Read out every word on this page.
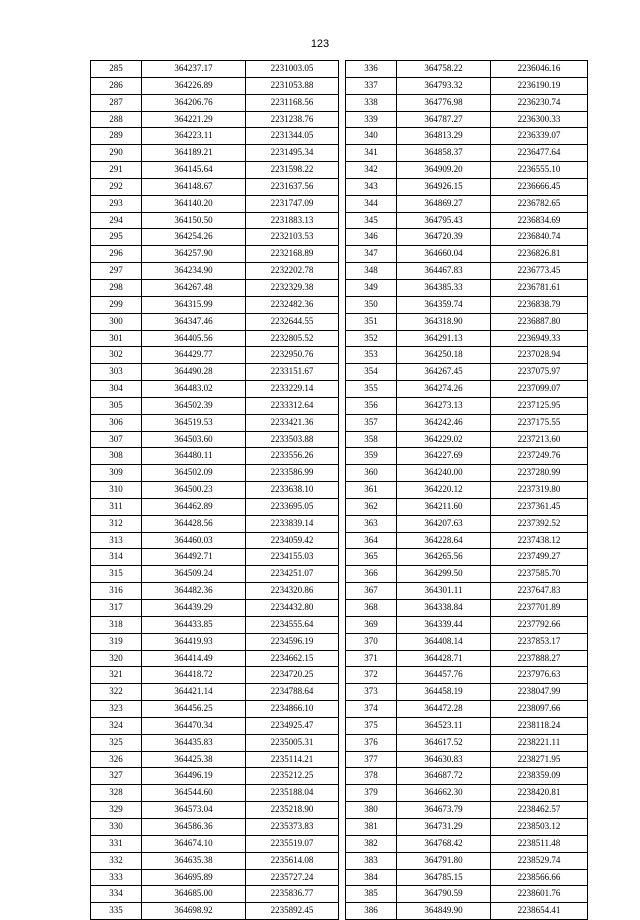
123
285	364237.17	2231003.05
286	364226.89	2231053.88
287	364206.76	2231168.56
288	364221.29	2231238.76
289	364223.11	2231344.05
290	364189.21	2231495.34
291	364145.64	2231598.22
292	364148.67	2231637.56
293	364140.20	2231747.09
294	364150.50	2231883.13
295	364254.26	2232103.53
296	364257.90	2232168.89
297	364234.90	2232202.78
298	364267.48	2232329.38
299	364315.99	2232482.36
300	364347.46	2232644.55
301	364405.56	2232805.52
302	364429.77	2232950.76
303	364490.28	2233151.67
304	364483.02	2233229.14
305	364502.39	2233312.64
306	364519.53	2233421.36
307	364503.60	2233503.88
308	364480.11	2233556.26
309	364502.09	2233586.99
310	364500.23	2233638.10
311	364462.89	2233695.05
312	364428.56	2233839.14
313	364460.03	2234059.42
314	364492.71	2234155.03
315	364509.24	2234251.07
316	364482.36	2234320.86
317	364439.29	2234432.80
318	364433.85	2234555.64
319	364419.93	2234596.19
320	364414.49	2234662.15
321	364418.72	2234720.25
322	364421.14	2234788.64
323	364456.25	2234866.10
324	364470.34	2234925.47
325	364435.83	2235005.31
326	364425.38	2235114.21
327	364496.19	2235212.25
328	364544.60	2235188.04
329	364573.04	2235218.90
330	364586.36	2235373.83
331	364674.10	2235519.07
332	364635.38	2235614.08
333	364695.89	2235727.24
334	364685.00	2235836.77
335	364698.92	2235892.45
336	364758.22	2236046.16
337	364793.32	2236190.19
338	364776.98	2236230.74
339	364787.27	2236300.33
340	364813.29	2236339.07
341	364858.37	2236477.64
342	364909.20	2236555.10
343	364926.15	2236666.45
344	364869.27	2236782.65
345	364795.43	2236834.69
346	364720.39	2236840.74
347	364660.04	2236826.81
348	364467.83	2236773.45
349	364385.33	2236781.61
350	364359.74	2236838.79
351	364318.90	2236887.80
352	364291.13	2236949.33
353	364250.18	2237028.94
354	364267.45	2237075.97
355	364274.26	2237099.07
356	364273.13	2237125.95
357	364242.46	2237175.55
358	364229.02	2237213.60
359	364227.69	2237249.76
360	364240.00	2237280.99
361	364220.12	2237319.80
362	364211.60	2237361.45
363	364207.63	2237392.52
364	364228.64	2237438.12
365	364265.56	2237499.27
366	364299.50	2237585.70
367	364301.11	2237647.83
368	364338.84	2237701.89
369	364339.44	2237792.66
370	364408.14	2237853.17
371	364428.71	2237888.27
372	364457.76	2237976.63
373	364458.19	2238047.99
374	364472.28	2238097.66
375	364523.11	2238118.24
376	364617.52	2238221.11
377	364630.83	2238271.95
378	364687.72	2238359.09
379	364662.30	2238420.81
380	364673.79	2238462.57
381	364731.29	2238503.12
382	364768.42	2238511.48
383	364791.80	2238529.74
384	364785.15	2238566.66
385	364790.59	2238601.76
386	364849.90	2238654.41
